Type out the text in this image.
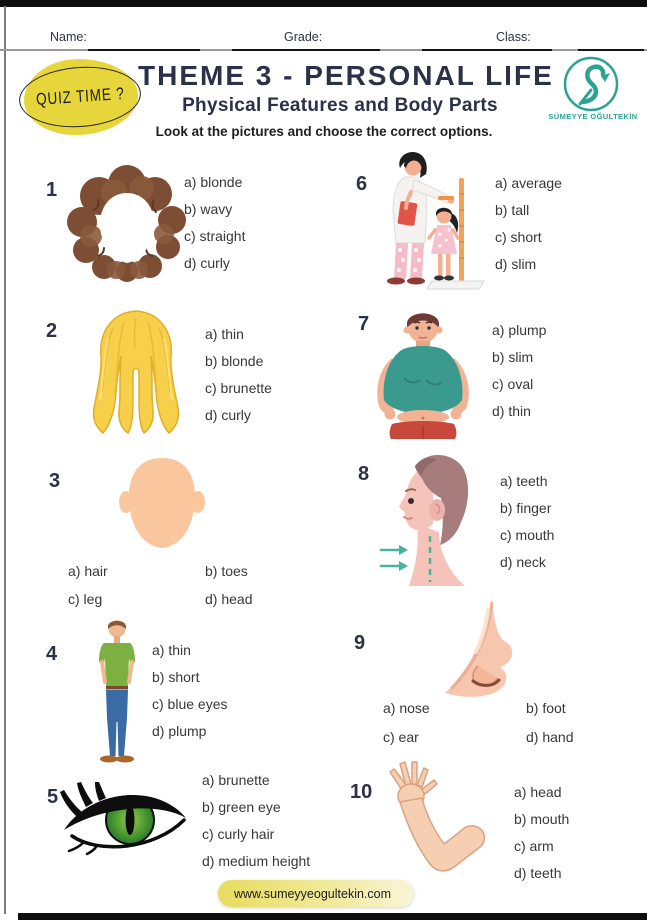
Name:	Grade:	Class:
QUIZ TIME ?
THEME 3 - PERSONAL LIFE
Physical Features and Body Parts
Look at the pictures and choose the correct options.
SÜMEYYE OĞULTEKİN
1	a) blonde
b) wavy
c) straight
d) curly
6	a) average
b) tall
c) short
d) slim
2	a) thin
b) blonde
c) brunette
d) curly
7	a) plump
b) slim
c) oval
d) thin
3
a) hair	b) toes
c) leg	d) head
8	a) teeth
b) finger
c) mouth
d) neck
4	a) thin
b) short
c) blue eyes
d) plump
9
a) nose	b) foot
c) ear	d) hand
5
a) brunette
b) green eye
c) curly hair
d) medium height
10	a) head
b) mouth
c) arm
d) teeth
www.sumeyyeogultekin.com
